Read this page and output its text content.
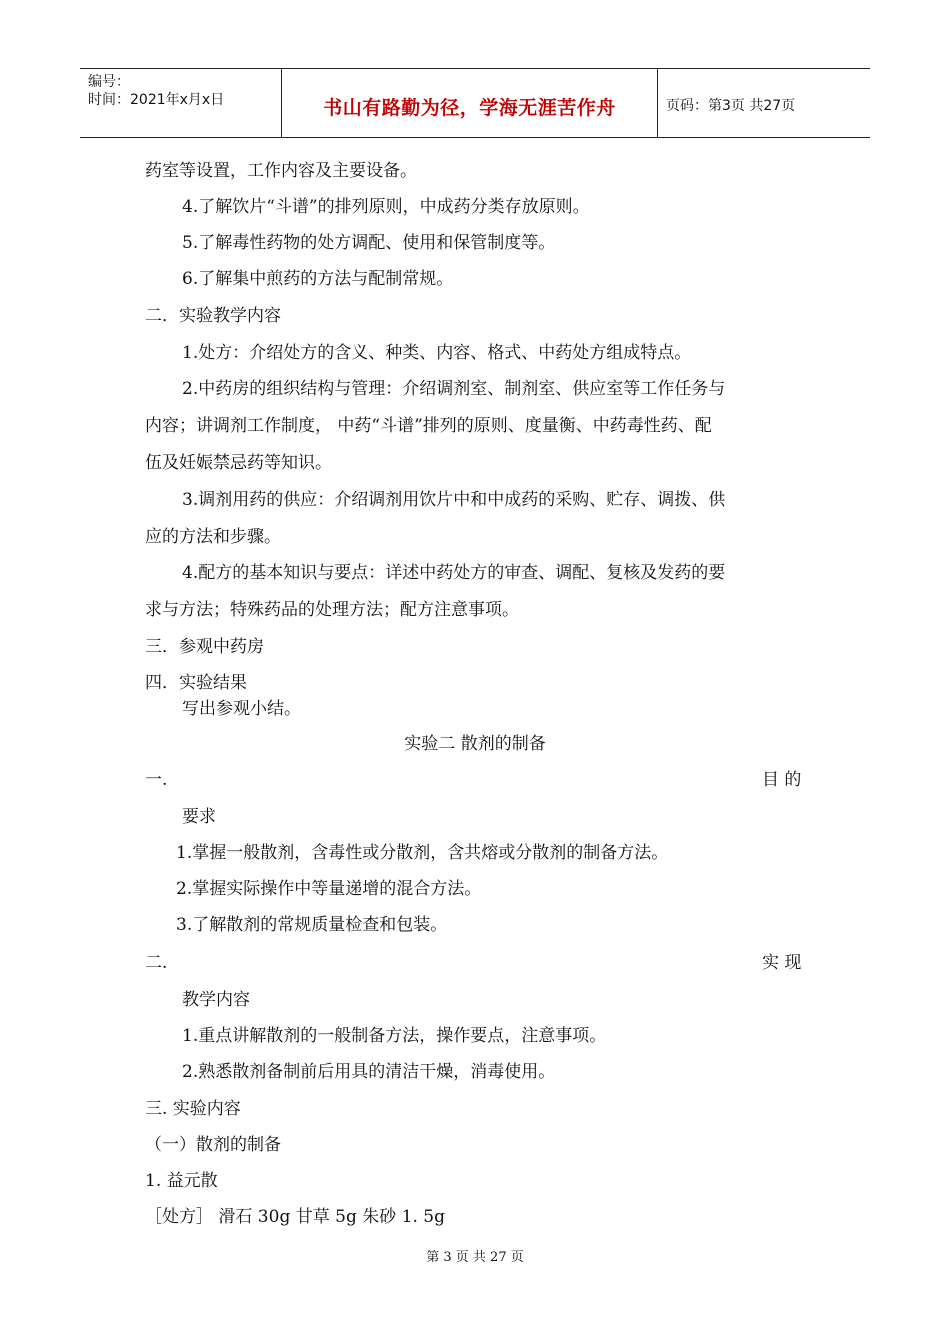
编号：
时间：2021年x月x日	书山有路勤为径，学海无涯苦作舟	页码：第3页 共27页
药室等设置，工作内容及主要设备。
4.了解饮片“斗谱”的排列原则，中成药分类存放原则。
5.了解毒性药物的处方调配、使用和保管制度等。
6.了解集中煎药的方法与配制常规。
二．实验教学内容
1.处方：介绍处方的含义、种类、内容、格式、中药处方组成特点。
2.中药房的组织结构与管理：介绍调剂室、制剂室、供应室等工作任务与
内容；讲调剂工作制度， 中药“斗谱”排列的原则、度量衡、中药毒性药、配
伍及妊娠禁忌药等知识。
3.调剂用药的供应：介绍调剂用饮片中和中成药的采购、贮存、调拨、供
应的方法和步骤。
4.配方的基本知识与要点：详述中药处方的审查、调配、复核及发药的要
求与方法；特殊药品的处理方法；配方注意事项。
三．参观中药房
四．实验结果
写出参观小结。
实验二 散剂的制备
一.	目 的
要求
1.掌握一般散剂，含毒性或分散剂，含共熔或分散剂的制备方法。
2.掌握实际操作中等量递增的混合方法。
3.了解散剂的常规质量检查和包装。
二.	实 现
教学内容
1.重点讲解散剂的一般制备方法，操作要点，注意事项。
2.熟悉散剂备制前后用具的清洁干燥，消毒使用。
三. 实验内容
（一）散剂的制备
1. 益元散
［处方］ 滑石 30g 甘草 5g 朱砂 1. 5g
第 3 页 共 27 页
